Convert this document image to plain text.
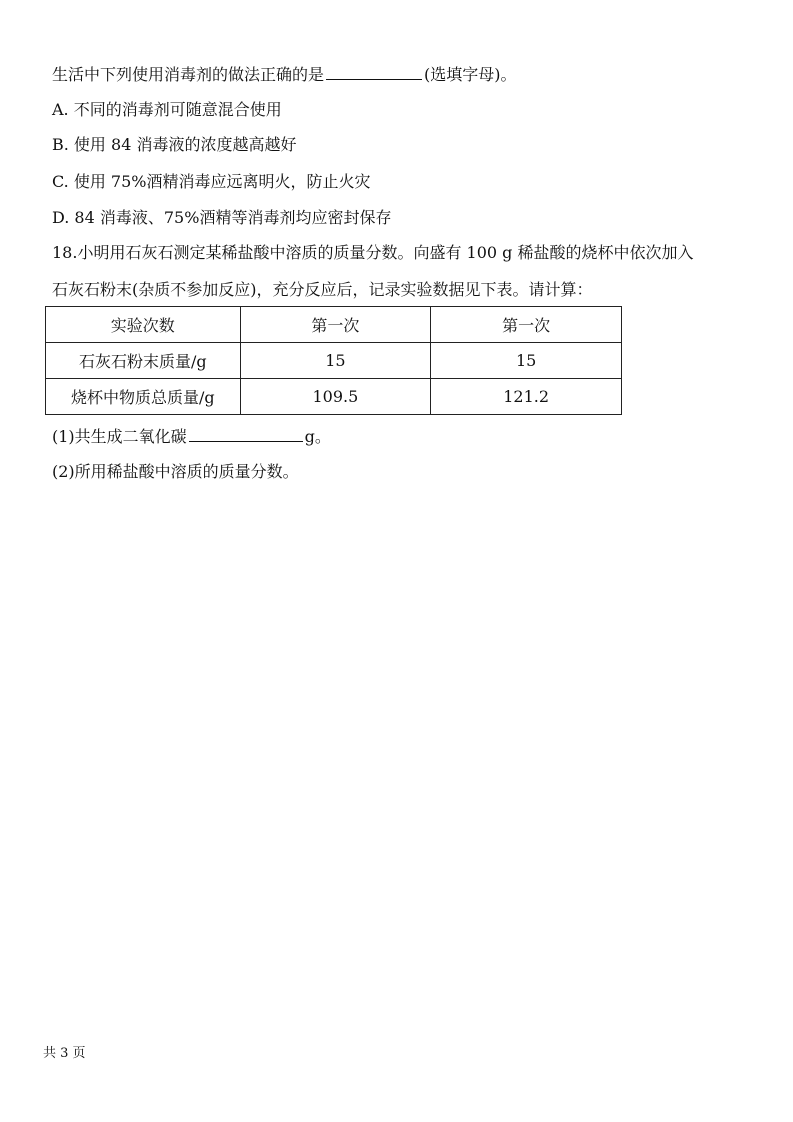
生活中下列使用消毒剂的做法正确的是	(选填字母)。
A. 不同的消毒剂可随意混合使用
B. 使用 84 消毒液的浓度越高越好
C. 使用 75%酒精消毒应远离明火，防止火灾
D. 84 消毒液、75%酒精等消毒剂均应密封保存
18.小明用石灰石测定某稀盐酸中溶质的质量分数。向盛有 100 g 稀盐酸的烧杯中依次加入
石灰石粉末(杂质不参加反应)，充分反应后，记录实验数据见下表。请计算：
实验次数	第一次	第一次
石灰石粉末质量/g	15	15
烧杯中物质总质量/g	109.5	121.2
(1)共生成二氧化碳	g。
(2)所用稀盐酸中溶质的质量分数。
共 3 页
